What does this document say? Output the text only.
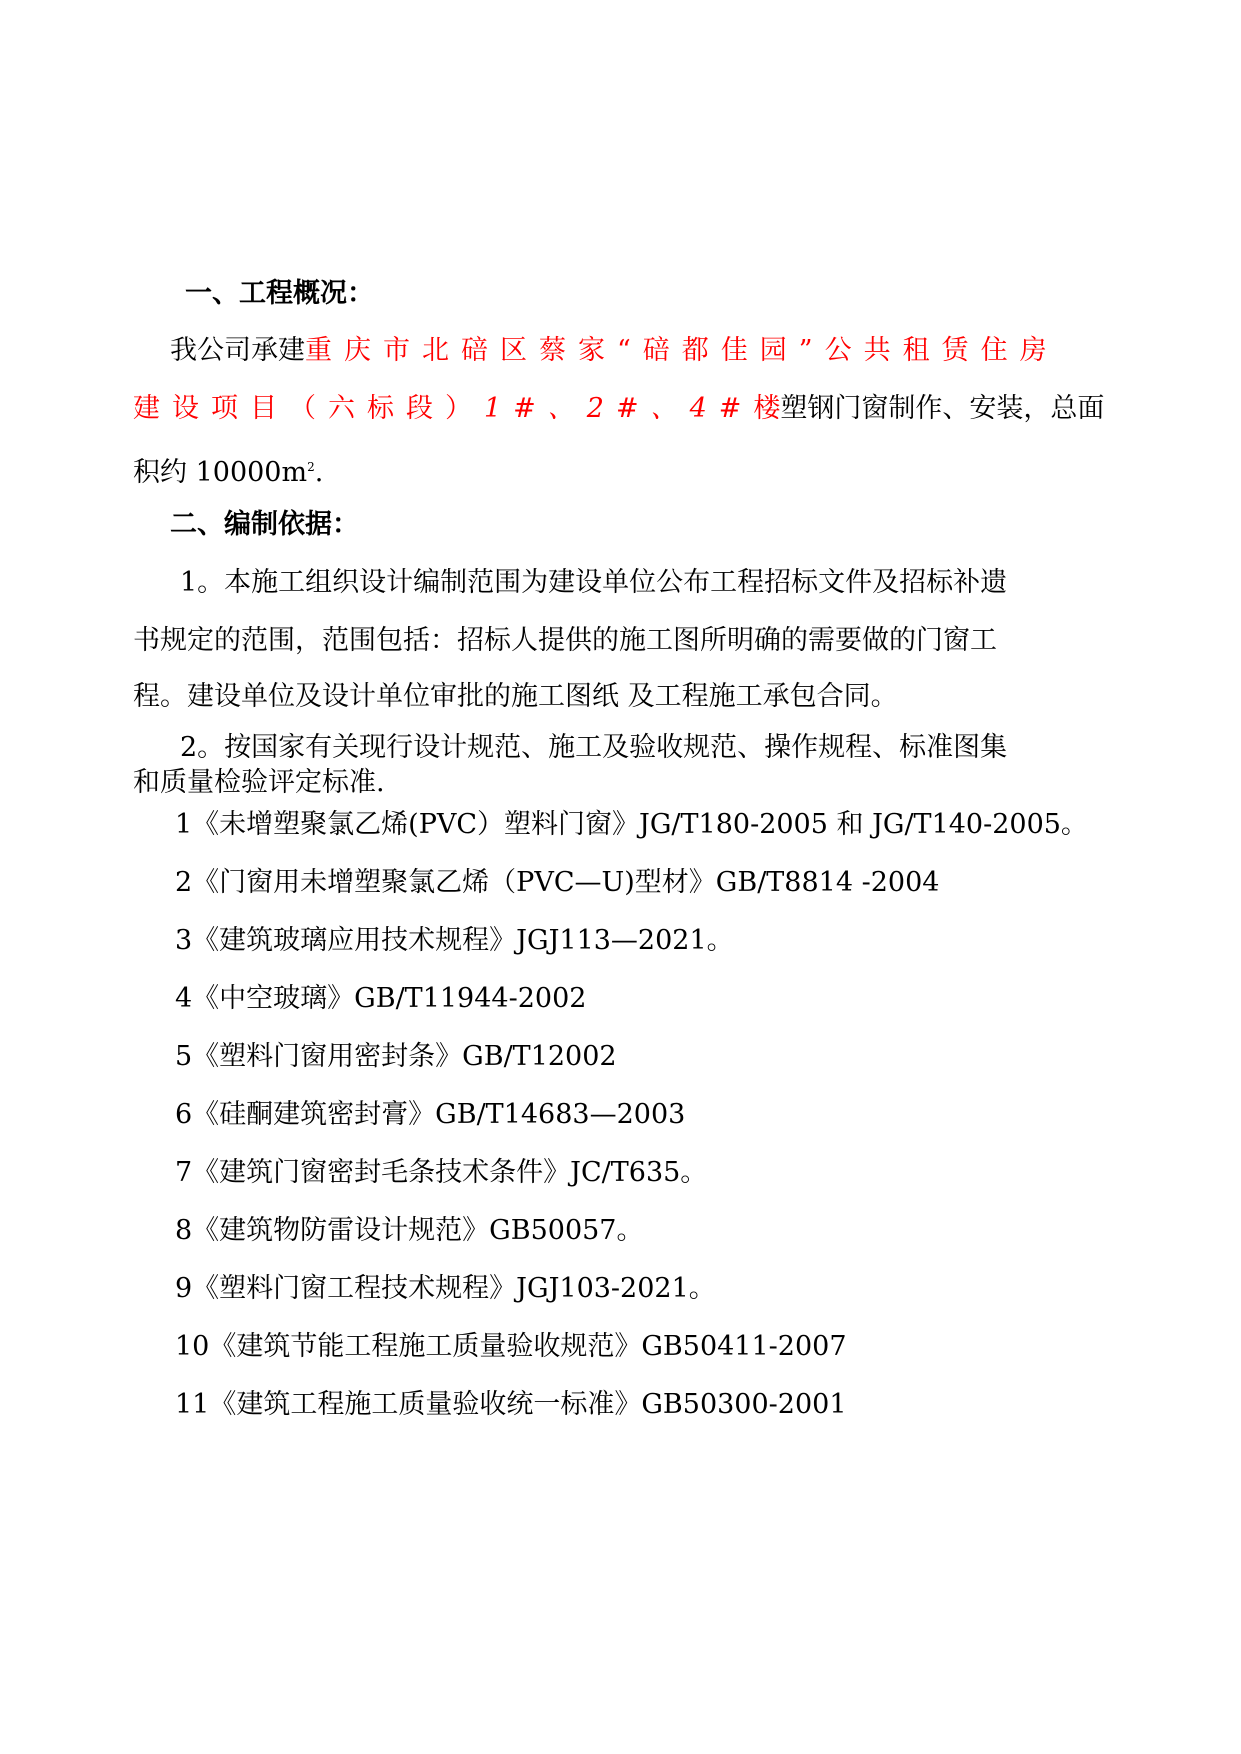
一、工程概况：
我公司承建重庆市北碚区蔡家“碚都佳园”公共租赁住房
建设项目（六标段）1#、2#、4#楼塑钢门窗制作、安装，总面
积约 $10000m^2$.
二、编制依据：
1。本施工组织设计编制范围为建设单位公布工程招标文件及招标补遗
书规定的范围，范围包括：招标人提供的施工图所明确的需要做的门窗工
程。建设单位及设计单位审批的施工图纸 及工程施工承包合同。
2。按国家有关现行设计规范、施工及验收规范、操作规程、标准图集
和质量检验评定标准.
1《未增塑聚氯乙烯(PVC）塑料门窗》JG/T180-2005 和 JG/T140-2005。
2《门窗用未增塑聚氯乙烯（PVC—U)型材》GB/T8814 -2004
3《建筑玻璃应用技术规程》JGJ113—2021。
4《中空玻璃》GB/T11944-2002
5《塑料门窗用密封条》GB/T12002
6《硅酮建筑密封膏》GB/T14683—2003
7《建筑门窗密封毛条技术条件》JC/T635。
8《建筑物防雷设计规范》GB50057。
9《塑料门窗工程技术规程》JGJ103-2021。
10《建筑节能工程施工质量验收规范》GB50411-2007
11《建筑工程施工质量验收统一标准》GB50300-2001
